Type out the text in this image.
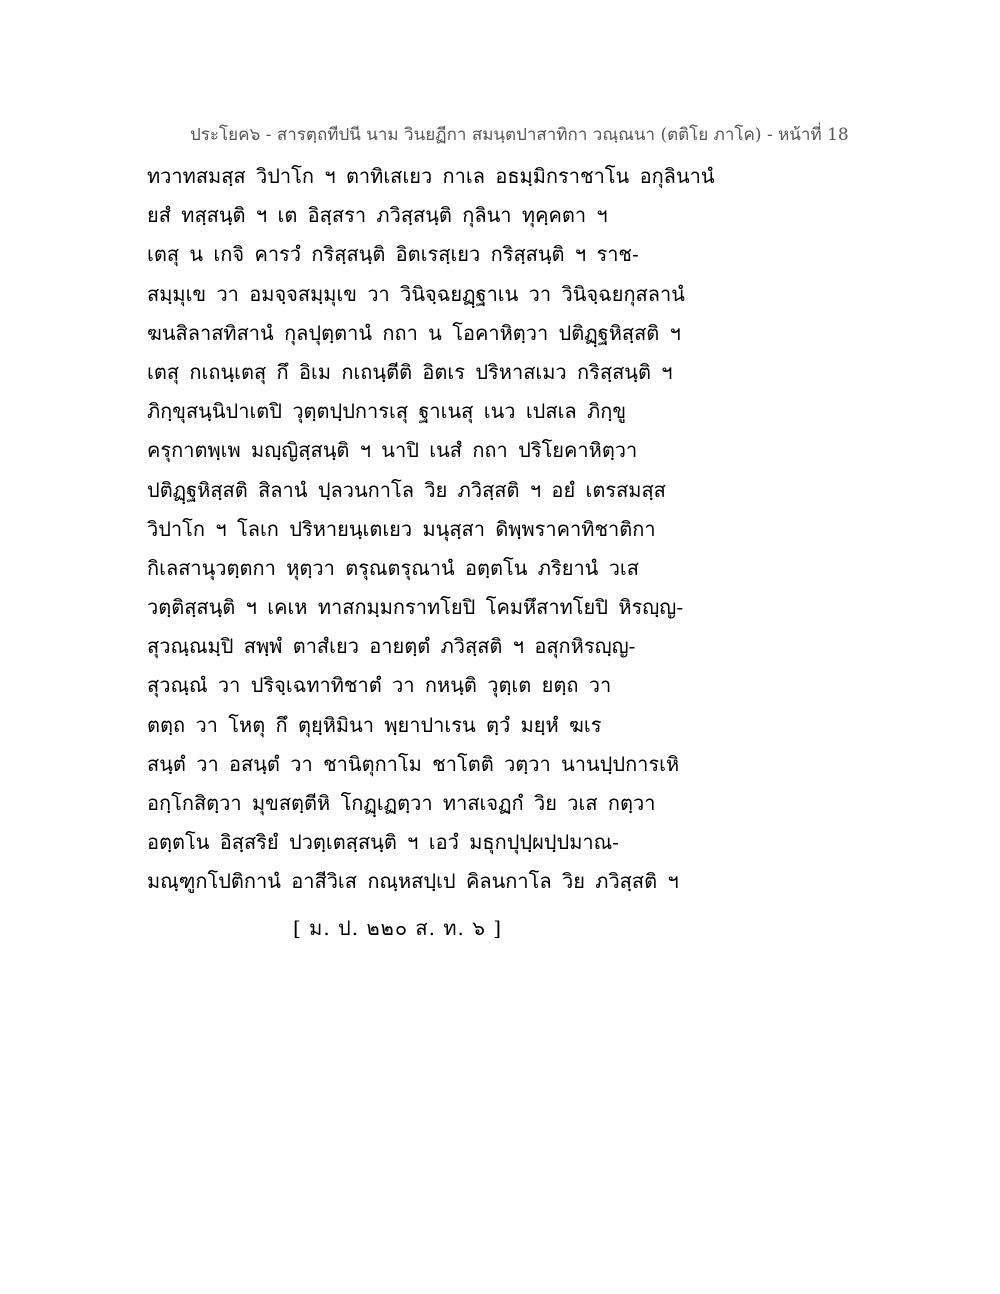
ประโยค๖ - สารตฺถทีปนี นาม วินยฏีกา สมนฺตปาสาทิกา วณฺณนา (ตติโย ภาโค) - หน้าที่ 18
ทวาทสมสฺส วิปาโก ฯ ตาทิเสเยว กาเล อธมฺมิกราชาโน อกุลินานํ
ยสํ ทสฺสนฺติ ฯ เต อิสฺสรา ภวิสฺสนฺติ กุลินา ทุคฺคตา ฯ
เตสุ น เกจิ คารวํ กริสฺสนฺติ อิตเรสฺเยว กริสฺสนฺติ ฯ ราช-
สมฺมุเข วา อมจฺจสมฺมุเข วา วินิจฺฉยฏฺฐาเน วา วินิจฺฉยกุสลานํ
ฆนสิลาสทิสานํ กุลปุตฺตานํ กถา น โอคาหิตฺวา ปติฏฺฐหิสฺสติ ฯ
เตสุ กเถนฺเตสุ กึ อิเม กเถนฺตีติ อิตเร ปริหาสเมว กริสฺสนฺติ ฯ
ภิกฺขุสนฺนิปาเตปิ วุตฺตปฺปการเสุ ฐาเนสุ เนว เปสเล ภิกฺขู
ครุกาตพฺเพ มญฺญิสฺสนฺติ ฯ นาปิ เนสํ กถา ปริโยคาหิตฺวา
ปติฏฺฐหิสฺสติ สิลานํ ปฺลวนกาโล วิย ภวิสฺสติ ฯ อยํ เตรสมสฺส
วิปาโก ฯ โลเก ปริหายนฺเตเยว มนุสฺสา ดิพฺพราคาทิชาติกา
กิเลสานุวตฺตกา หุตฺวา ตรุณตรุณานํ อตฺตโน ภริยานํ วเส
วตฺติสฺสนฺติ ฯ เคเห ทาสกมฺมกราทโยปิ โคมหึสาทโยปิ หิรญฺญ-
สุวณฺณมฺปิ สพฺพํ ตาสํเยว อายตฺตํ ภวิสฺสติ ฯ อสุกหิรญฺญ-
สุวณฺณํ วา ปริจฺเฉทาทิชาตํ วา กหนฺติ วุตฺเต ยตฺถ วา
ตตฺถ วา โหตุ กึ ตุยฺหิมินา พฺยาปาเรน ตฺวํ มยฺหํ ฆเร
สนฺตํ วา อสนฺตํ วา ชานิตุกาโม ชาโตติ วตฺวา นานปฺปการเหิ
อกฺโกสิตฺวา มุขสตฺตีหิ โกฏฺเฏตฺวา ทาสเจฏกํ วิย วเส กตฺวา
อตฺตโน อิสฺสริยํ ปวตฺเตสฺสนฺติ ฯ เอวํ มธุกปุปฺผปฺปมาณ-
มณฺฑูกโปติกานํ อาสีวิเส กณฺหสปฺเป คิลนกาโล วิย ภวิสฺสติ ฯ
[ ม. ป. ๒๒๐ ส. ท. ๖ ]
